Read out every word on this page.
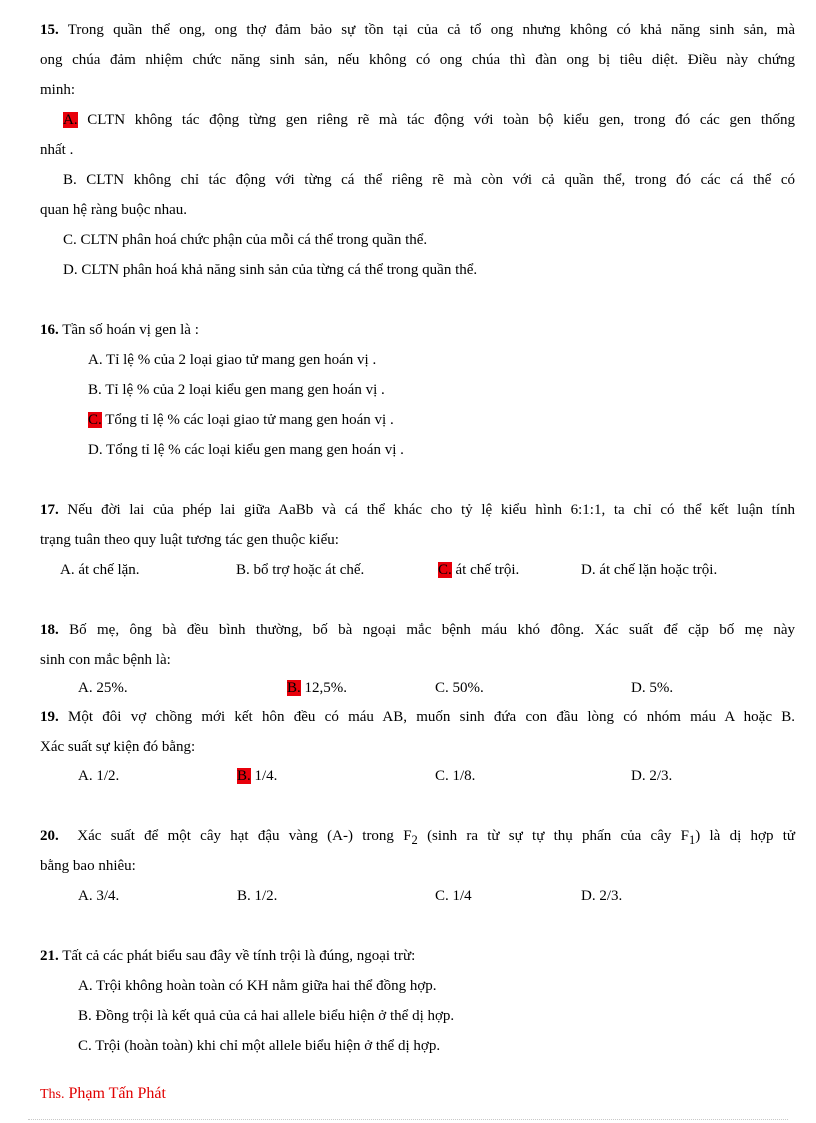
15. Trong quần thể ong, ong thợ đảm bảo sự tồn tại của cả tổ ong nhưng không có khả năng sinh sản, mà
ong chúa đảm nhiệm chức năng sinh sản, nếu không có ong chúa thì đàn ong bị tiêu diệt. Điều này chứng
minh:
A. CLTN không tác động từng gen riêng rẽ mà tác động với toàn bộ kiểu gen, trong đó các gen thống
nhất .
B. CLTN không chỉ tác động với từng cá thể riêng rẽ mà còn với cả quần thể, trong đó các cá thể có
quan hệ ràng buộc nhau.
C. CLTN phân hoá chức phận của mỗi cá thể trong quần thể.
D. CLTN phân hoá khả năng sinh sản của từng cá thể trong quần thể.
16. Tần số hoán vị gen là :
A. Tỉ lệ % của 2 loại giao tử mang gen hoán vị .
B. Tỉ lệ % của 2 loại kiểu gen mang gen hoán vị .
C. Tổng tỉ lệ % các loại giao tử mang gen hoán vị .
D. Tổng tỉ lệ % các loại kiểu gen mang gen hoán vị .
17. Nếu đời lai của phép lai giữa AaBb và cá thể khác cho tỷ lệ kiểu hình 6:1:1, ta chỉ có thể kết luận tính
trạng tuân theo quy luật tương tác gen thuộc kiểu:
A. át chế lặn.	B. bổ trợ hoặc át chế.	C. át chế trội.	D. át chế lặn hoặc trội.
18. Bố mẹ, ông bà đều bình thường, bố bà ngoại mắc bệnh máu khó đông. Xác suất để cặp bố mẹ này
sinh con mắc bệnh là:
A. 25%.	B. 12,5%.	C. 50%.	D. 5%.
19. Một đôi vợ chồng mới kết hôn đều có máu AB, muốn sinh đứa con đầu lòng có nhóm máu A hoặc B.
Xác suất sự kiện đó bằng:
A. 1/2.	B. 1/4.	C. 1/8.	D. 2/3.
20. Xác suất để một cây hạt đậu vàng (A-) trong $F_2$ (sinh ra từ sự tự thụ phấn của cây $F_1$) là dị hợp tử
bằng bao nhiêu:
A. 3/4.	B. 1/2.	C. 1/4	D. 2/3.
21. Tất cả các phát biểu sau đây về tính trội là đúng, ngoại trừ:
A. Trội không hoàn toàn có KH nằm giữa hai thể đồng hợp.
B. Đồng trội là kết quả của cả hai allele biểu hiện ở thể dị hợp.
C. Trội (hoàn toàn) khi chỉ một allele biểu hiện ở thể dị hợp.
Ths. Phạm Tấn Phát
